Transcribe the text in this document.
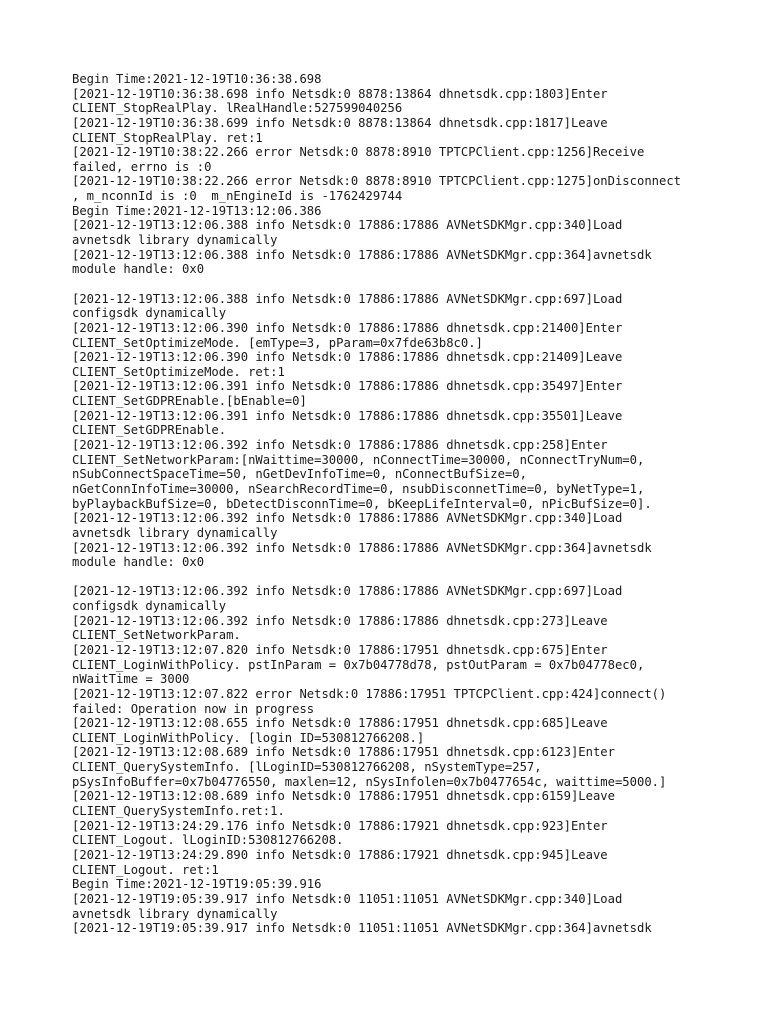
Begin Time:2021-12-19T10:36:38.698
[2021-12-19T10:36:38.698 info Netsdk:0 8878:13864 dhnetsdk.cpp:1803]Enter
CLIENT_StopRealPlay. lRealHandle:527599040256
[2021-12-19T10:36:38.699 info Netsdk:0 8878:13864 dhnetsdk.cpp:1817]Leave
CLIENT_StopRealPlay. ret:1
[2021-12-19T10:38:22.266 error Netsdk:0 8878:8910 TPTCPClient.cpp:1256]Receive
failed, errno is :0
[2021-12-19T10:38:22.266 error Netsdk:0 8878:8910 TPTCPClient.cpp:1275]onDisconnect
, m_nconnId is :0  m_nEngineId is -1762429744
Begin Time:2021-12-19T13:12:06.386
[2021-12-19T13:12:06.388 info Netsdk:0 17886:17886 AVNetSDKMgr.cpp:340]Load
avnetsdk library dynamically
[2021-12-19T13:12:06.388 info Netsdk:0 17886:17886 AVNetSDKMgr.cpp:364]avnetsdk
module handle: 0x0

[2021-12-19T13:12:06.388 info Netsdk:0 17886:17886 AVNetSDKMgr.cpp:697]Load
configsdk dynamically
[2021-12-19T13:12:06.390 info Netsdk:0 17886:17886 dhnetsdk.cpp:21400]Enter
CLIENT_SetOptimizeMode. [emType=3, pParam=0x7fde63b8c0.]
[2021-12-19T13:12:06.390 info Netsdk:0 17886:17886 dhnetsdk.cpp:21409]Leave
CLIENT_SetOptimizeMode. ret:1
[2021-12-19T13:12:06.391 info Netsdk:0 17886:17886 dhnetsdk.cpp:35497]Enter
CLIENT_SetGDPREnable.[bEnable=0]
[2021-12-19T13:12:06.391 info Netsdk:0 17886:17886 dhnetsdk.cpp:35501]Leave
CLIENT_SetGDPREnable.
[2021-12-19T13:12:06.392 info Netsdk:0 17886:17886 dhnetsdk.cpp:258]Enter
CLIENT_SetNetworkParam:[nWaittime=30000, nConnectTime=30000, nConnectTryNum=0,
nSubConnectSpaceTime=50, nGetDevInfoTime=0, nConnectBufSize=0,
nGetConnInfoTime=30000, nSearchRecordTime=0, nsubDisconnetTime=0, byNetType=1,
byPlaybackBufSize=0, bDetectDisconnTime=0, bKeepLifeInterval=0, nPicBufSize=0].
[2021-12-19T13:12:06.392 info Netsdk:0 17886:17886 AVNetSDKMgr.cpp:340]Load
avnetsdk library dynamically
[2021-12-19T13:12:06.392 info Netsdk:0 17886:17886 AVNetSDKMgr.cpp:364]avnetsdk
module handle: 0x0

[2021-12-19T13:12:06.392 info Netsdk:0 17886:17886 AVNetSDKMgr.cpp:697]Load
configsdk dynamically
[2021-12-19T13:12:06.392 info Netsdk:0 17886:17886 dhnetsdk.cpp:273]Leave
CLIENT_SetNetworkParam.
[2021-12-19T13:12:07.820 info Netsdk:0 17886:17951 dhnetsdk.cpp:675]Enter
CLIENT_LoginWithPolicy. pstInParam = 0x7b04778d78, pstOutParam = 0x7b04778ec0,
nWaitTime = 3000
[2021-12-19T13:12:07.822 error Netsdk:0 17886:17951 TPTCPClient.cpp:424]connect()
failed: Operation now in progress
[2021-12-19T13:12:08.655 info Netsdk:0 17886:17951 dhnetsdk.cpp:685]Leave
CLIENT_LoginWithPolicy. [login ID=530812766208.]
[2021-12-19T13:12:08.689 info Netsdk:0 17886:17951 dhnetsdk.cpp:6123]Enter
CLIENT_QuerySystemInfo. [lLoginID=530812766208, nSystemType=257,
pSysInfoBuffer=0x7b04776550, maxlen=12, nSysInfolen=0x7b0477654c, waittime=5000.]
[2021-12-19T13:12:08.689 info Netsdk:0 17886:17951 dhnetsdk.cpp:6159]Leave
CLIENT_QuerySystemInfo.ret:1.
[2021-12-19T13:24:29.176 info Netsdk:0 17886:17921 dhnetsdk.cpp:923]Enter
CLIENT_Logout. lLoginID:530812766208.
[2021-12-19T13:24:29.890 info Netsdk:0 17886:17921 dhnetsdk.cpp:945]Leave
CLIENT_Logout. ret:1
Begin Time:2021-12-19T19:05:39.916
[2021-12-19T19:05:39.917 info Netsdk:0 11051:11051 AVNetSDKMgr.cpp:340]Load
avnetsdk library dynamically
[2021-12-19T19:05:39.917 info Netsdk:0 11051:11051 AVNetSDKMgr.cpp:364]avnetsdk
